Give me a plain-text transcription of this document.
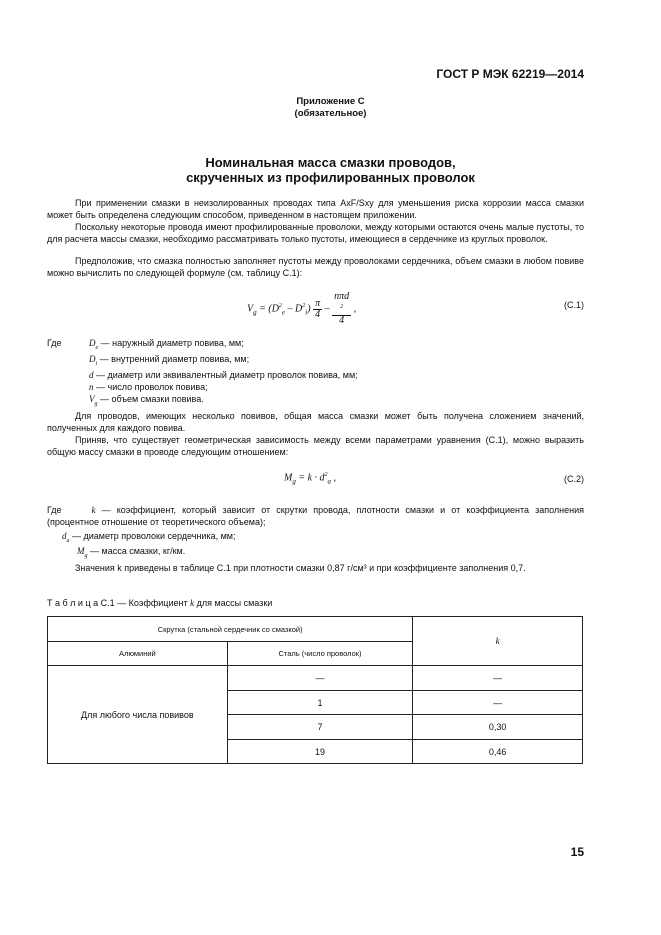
ГОСТ Р МЭК 62219—2014
Приложение С
(обязательное)
Номинальная масса смазки проводов,
скрученных из профилированных проволок
При применении смазки в неизолированных проводах типа AxF/Sxy для уменьшения риска коррозии масса смазки может быть определена следующим способом, приведенном в настоящем приложении.
Поскольку некоторые провода имеют профилированные проволоки, между которыми остаются очень малые пустоты, то для расчета массы смазки, необходимо рассматривать только пустоты, имеющиеся в сердечнике из круглых проволок.
Предположив, что смазка полностью заполняет пустоты между проволоками сердечника, объем смазки в любом повиве можно вычислить по следующей формуле (см. таблицу С.1):
$V_g = (D^2_e - D^2_i) \frac{\pi}{4} - n\pi d$
$^2$
4 ,	(С.1)
Где	$D_e$ — наружный диаметр повива, мм;
$D_i$ — внутренний диаметр повива, мм;
d — диаметр или эквивалентный диаметр проволок повива, мм;
n — число проволок повива;
$V_g$ — объем смазки повива.
Для проводов, имеющих несколько повивов, общая масса смазки может быть получена сложением значений, полученных для каждого повива.
Приняв, что существует геометрическая зависимость между всеми параметрами уравнения (С.1), можно выразить общую массу смазки в проводе следующим отношением:
$M_g = k \cdot d^2_a$ ,	(С.2)
Где	k — коэффициент, который зависит от скрутки провода, плотности смазки и от коэффициента заполнения (процентное отношение от теоретического объема);
$d_a$ — диаметр проволоки сердечника, мм;
$M_g$ — масса смазки, кг/км.
Значения k приведены в таблице С.1 при плотности смазки 0,87 г/см³ и при коэффициенте заполнения 0,7.
Т а б л и ц а С.1 — Коэффициент k для массы смазки
Скрутка (стальной сердечник со смазкой)		k
Алюминий	Сталь (число проволок)	
Для любого числа повивов	—	—
	1	—
	7	0,30
	19	0,46
15
